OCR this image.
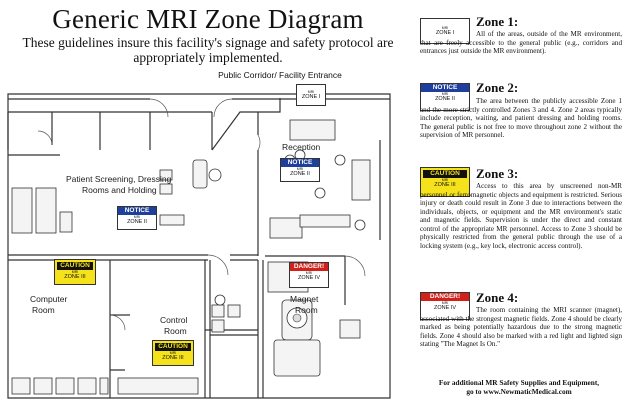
Generic MRI Zone Diagram
These guidelines insure this facility's signage and safety protocol are appropriately implemented.
Public Corridor/ Facility Entrance
Reception
Patient Screening, Dressing
Rooms and Holding
Computer
Room
Control
Room
Magnet
Room
MRI
ZONE I
NOTICE
MRI
ZONE II
NOTICE
MRI
ZONE II
CAUTION
MRI
ZONE III
CAUTION
MRI
ZONE III
DANGER!
MRI
ZONE IV
MRI
ZONE I
NOTICE
MRI
ZONE II
CAUTION
MRI
ZONE III
DANGER!
MRI
ZONE IV
Zone 1:
Zone 2:
Zone 3:
Zone 4:
All of the areas, outside of the MR environment, that are freely accessible to the general public (e.g., corridors and entrances just outside the MR environment).
The area between the publicly accessible Zone 1 and the more strictly controlled Zones 3 and 4. Zone 2 areas typically include reception, waiting, and patient dressing and holding rooms. The general public is not free to move throughout zone 2 without the supervision of MR personnel.
Access to this area by unscreened non-MR personnel or ferromagnetic objects and equipment is restricted. Serious injury or death could result in Zone 3 due to interactions between the individuals, objects, or equipment and the MR environment's static and magnetic fields. Supervision is under the direct and constant control of the appropriate MR personnel. Access to Zone 3 should be physically restricted from the general public through the use of a locking system (e.g., key lock, electronic access control).
The room containing the MRI scanner (magnet), associated with the strongest magnetic fields. Zone 4 should be clearly marked as being potentially hazardous due to the strong magnetic fields. Zone 4 should also be marked with a red light and lighted sign stating "The Magnet Is On."
For additional MR Safety Supplies and Equipment,
go to www.NewmaticMedical.com
